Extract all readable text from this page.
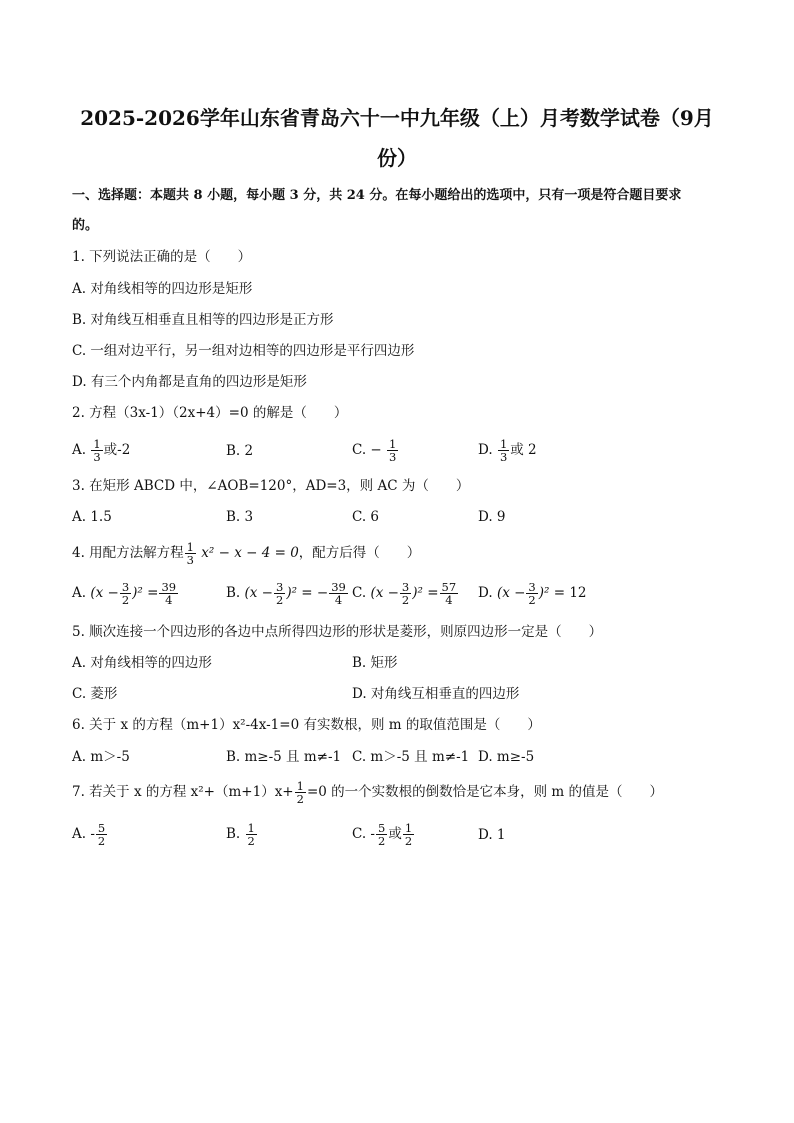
2025-2026学年山东省青岛六十一中九年级（上）月考数学试卷（9月
份）
一、选择题：本题共 8 小题，每小题 3 分，共 24 分。在每小题给出的选项中，只有一项是符合题目要求
的。
1. 下列说法正确的是（　　）
A. 对角线相等的四边形是矩形
B. 对角线互相垂直且相等的四边形是正方形
C. 一组对边平行，另一组对边相等的四边形是平行四边形
D. 有三个内角都是直角的四边形是矩形
2. 方程（3x-1）（2x+4）=0 的解是（　　）
A. $\frac{1}{3}$ 或-2	B. 2	C. − $\frac{1}{3}$	D. $\frac{1}{3}$ 或 2
3. 在矩形 ABCD 中，∠AOB=120°，AD=3，则 AC 为（　　）
A. 1.5	B. 3	C. 6	D. 9
4. 用配方法解方程 $\frac{1}{3} x^2 - x - 4 = 0$，配方后得（　　）
A. $(x - \frac{3}{2} )^2 = \frac{39}{4}$	B. $(x - \frac{3}{2} )^2$ = − $\frac{39}{4} C$. $(x - \frac{3}{2} )^2 = \frac{57}{4} D$. $(x - \frac{3}{2} )^2 = 12$
5. 顺次连接一个四边形的各边中点所得四边形的形状是菱形，则原四边形一定是（　　）
A. 对角线相等的四边形	B. 矩形
C. 菱形	D. 对角线互相垂直的四边形
6. 关于 x 的方程（m+1）x²-4x-1=0 有实数根，则 m 的取值范围是（　　）
A. m＞-5	B. m≥-5 且 m≠-1 C. m＞-5 且 m≠-1 D. m≥-5
7. 若关于 x 的方程 $x^2+(m+1)x+ \frac{1}{2} =0$ 的一个实数根的倒数恰是它本身，则 m 的值是（　　）
A. - $\frac{5}{2}$	B. $\frac{1}{2}$	C. - $\frac{5}{2}$ 或 $\frac{1}{2}$	D. 1
